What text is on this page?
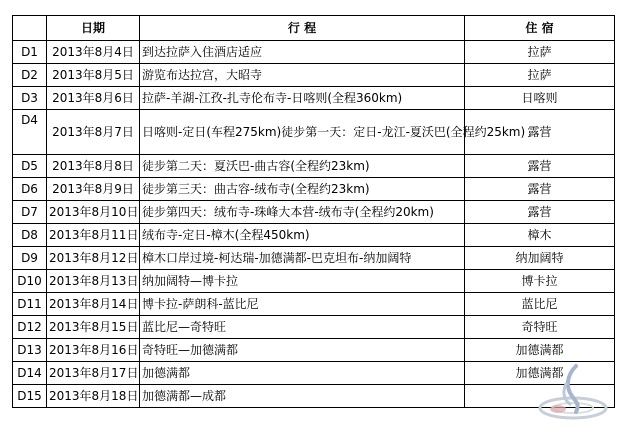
	日期	行 程	住 宿
D1	2013年8月4日	到达拉萨入住酒店适应	拉萨
D2	2013年8月5日	游览布达拉宫，大昭寺	拉萨
D3	2013年8月6日	拉萨-羊湖-江孜-扎寺伦布寺-日喀则(全程360km)	日喀则
D4	2013年8月7日	日喀则-定日(车程275km)徒步第一天：定日-龙江-夏沃巴(全程约25km)	露营
D5	2013年8月8日	徒步第二天：夏沃巴-曲古容(全程约23km)	露营
D6	2013年8月9日	徒步第三天：曲古容-绒布寺(全程约23km)	露营
D7	2013年8月10日	徒步第四天：绒布寺-珠峰大本营-绒布寺(全程约20km)	露营
D8	2013年8月11日	绒布寺-定日-樟木(全程450km)	樟木
D9	2013年8月12日	樟木口岸过境-柯达瑞-加德满都-巴克坦布-纳加阔特	纳加阔特
D10	2013年8月13日	纳加阔特—博卡拉	博卡拉
D11	2013年8月14日	博卡拉-萨朗科-蓝比尼	蓝比尼
D12	2013年8月15日	蓝比尼—奇特旺	奇特旺
D13	2013年8月16日	奇特旺—加德满都	加德满都
D14	2013年8月17日	加德满都	加德满都
D15	2013年8月18日	加德满都—成都	
